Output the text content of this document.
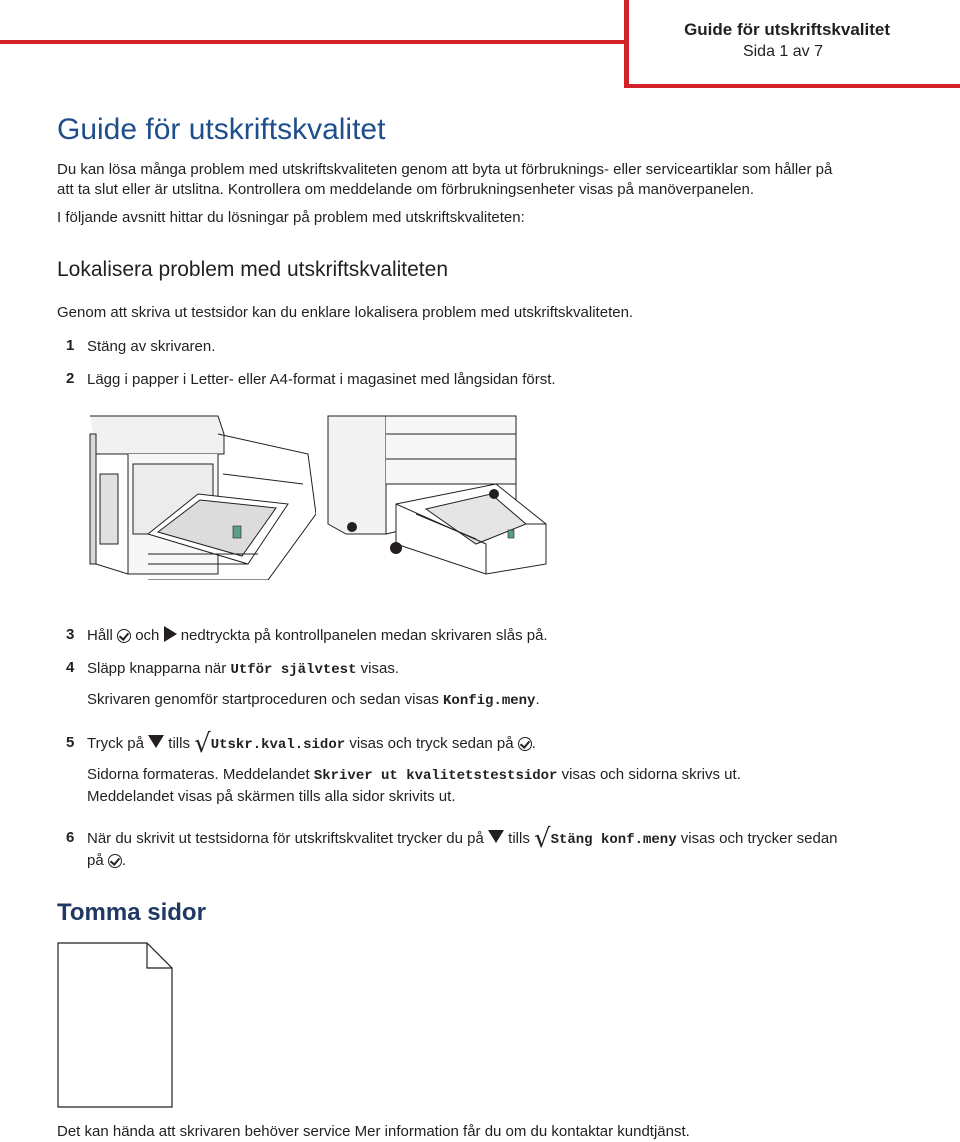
Guide för utskriftskvalitet
Sida 1 av 7
Guide för utskriftskvalitet
Du kan lösa många problem med utskriftskvaliteten genom att byta ut förbruknings- eller serviceartiklar som håller på
att ta slut eller är utslitna. Kontrollera om meddelande om förbrukningsenheter visas på manöverpanelen.
I följande avsnitt hittar du lösningar på problem med utskriftskvaliteten:
Lokalisera problem med utskriftskvaliteten
Genom att skriva ut testsidor kan du enklare lokalisera problem med utskriftskvaliteten.
1 Stäng av skrivaren.
2 Lägg i papper i Letter- eller A4-format i magasinet med långsidan först.
3 Håll och nedtryckta på kontrollpanelen medan skrivaren slås på.
4 Släpp knapparna när Utför självtest visas.
Skrivaren genomför startproceduren och sedan visas Konfig.meny.
5 Tryck på tills √Utskr.kval.sidor visas och tryck sedan på .
Sidorna formateras. Meddelandet Skriver ut kvalitetstestsidor visas och sidorna skrivs ut.
Meddelandet visas på skärmen tills alla sidor skrivits ut.
6 När du skrivit ut testsidorna för utskriftskvalitet trycker du på tills √Stäng konf.meny visas och trycker sedan
på .
Tomma sidor
Det kan hända att skrivaren behöver service Mer information får du om du kontaktar kundtjänst.
